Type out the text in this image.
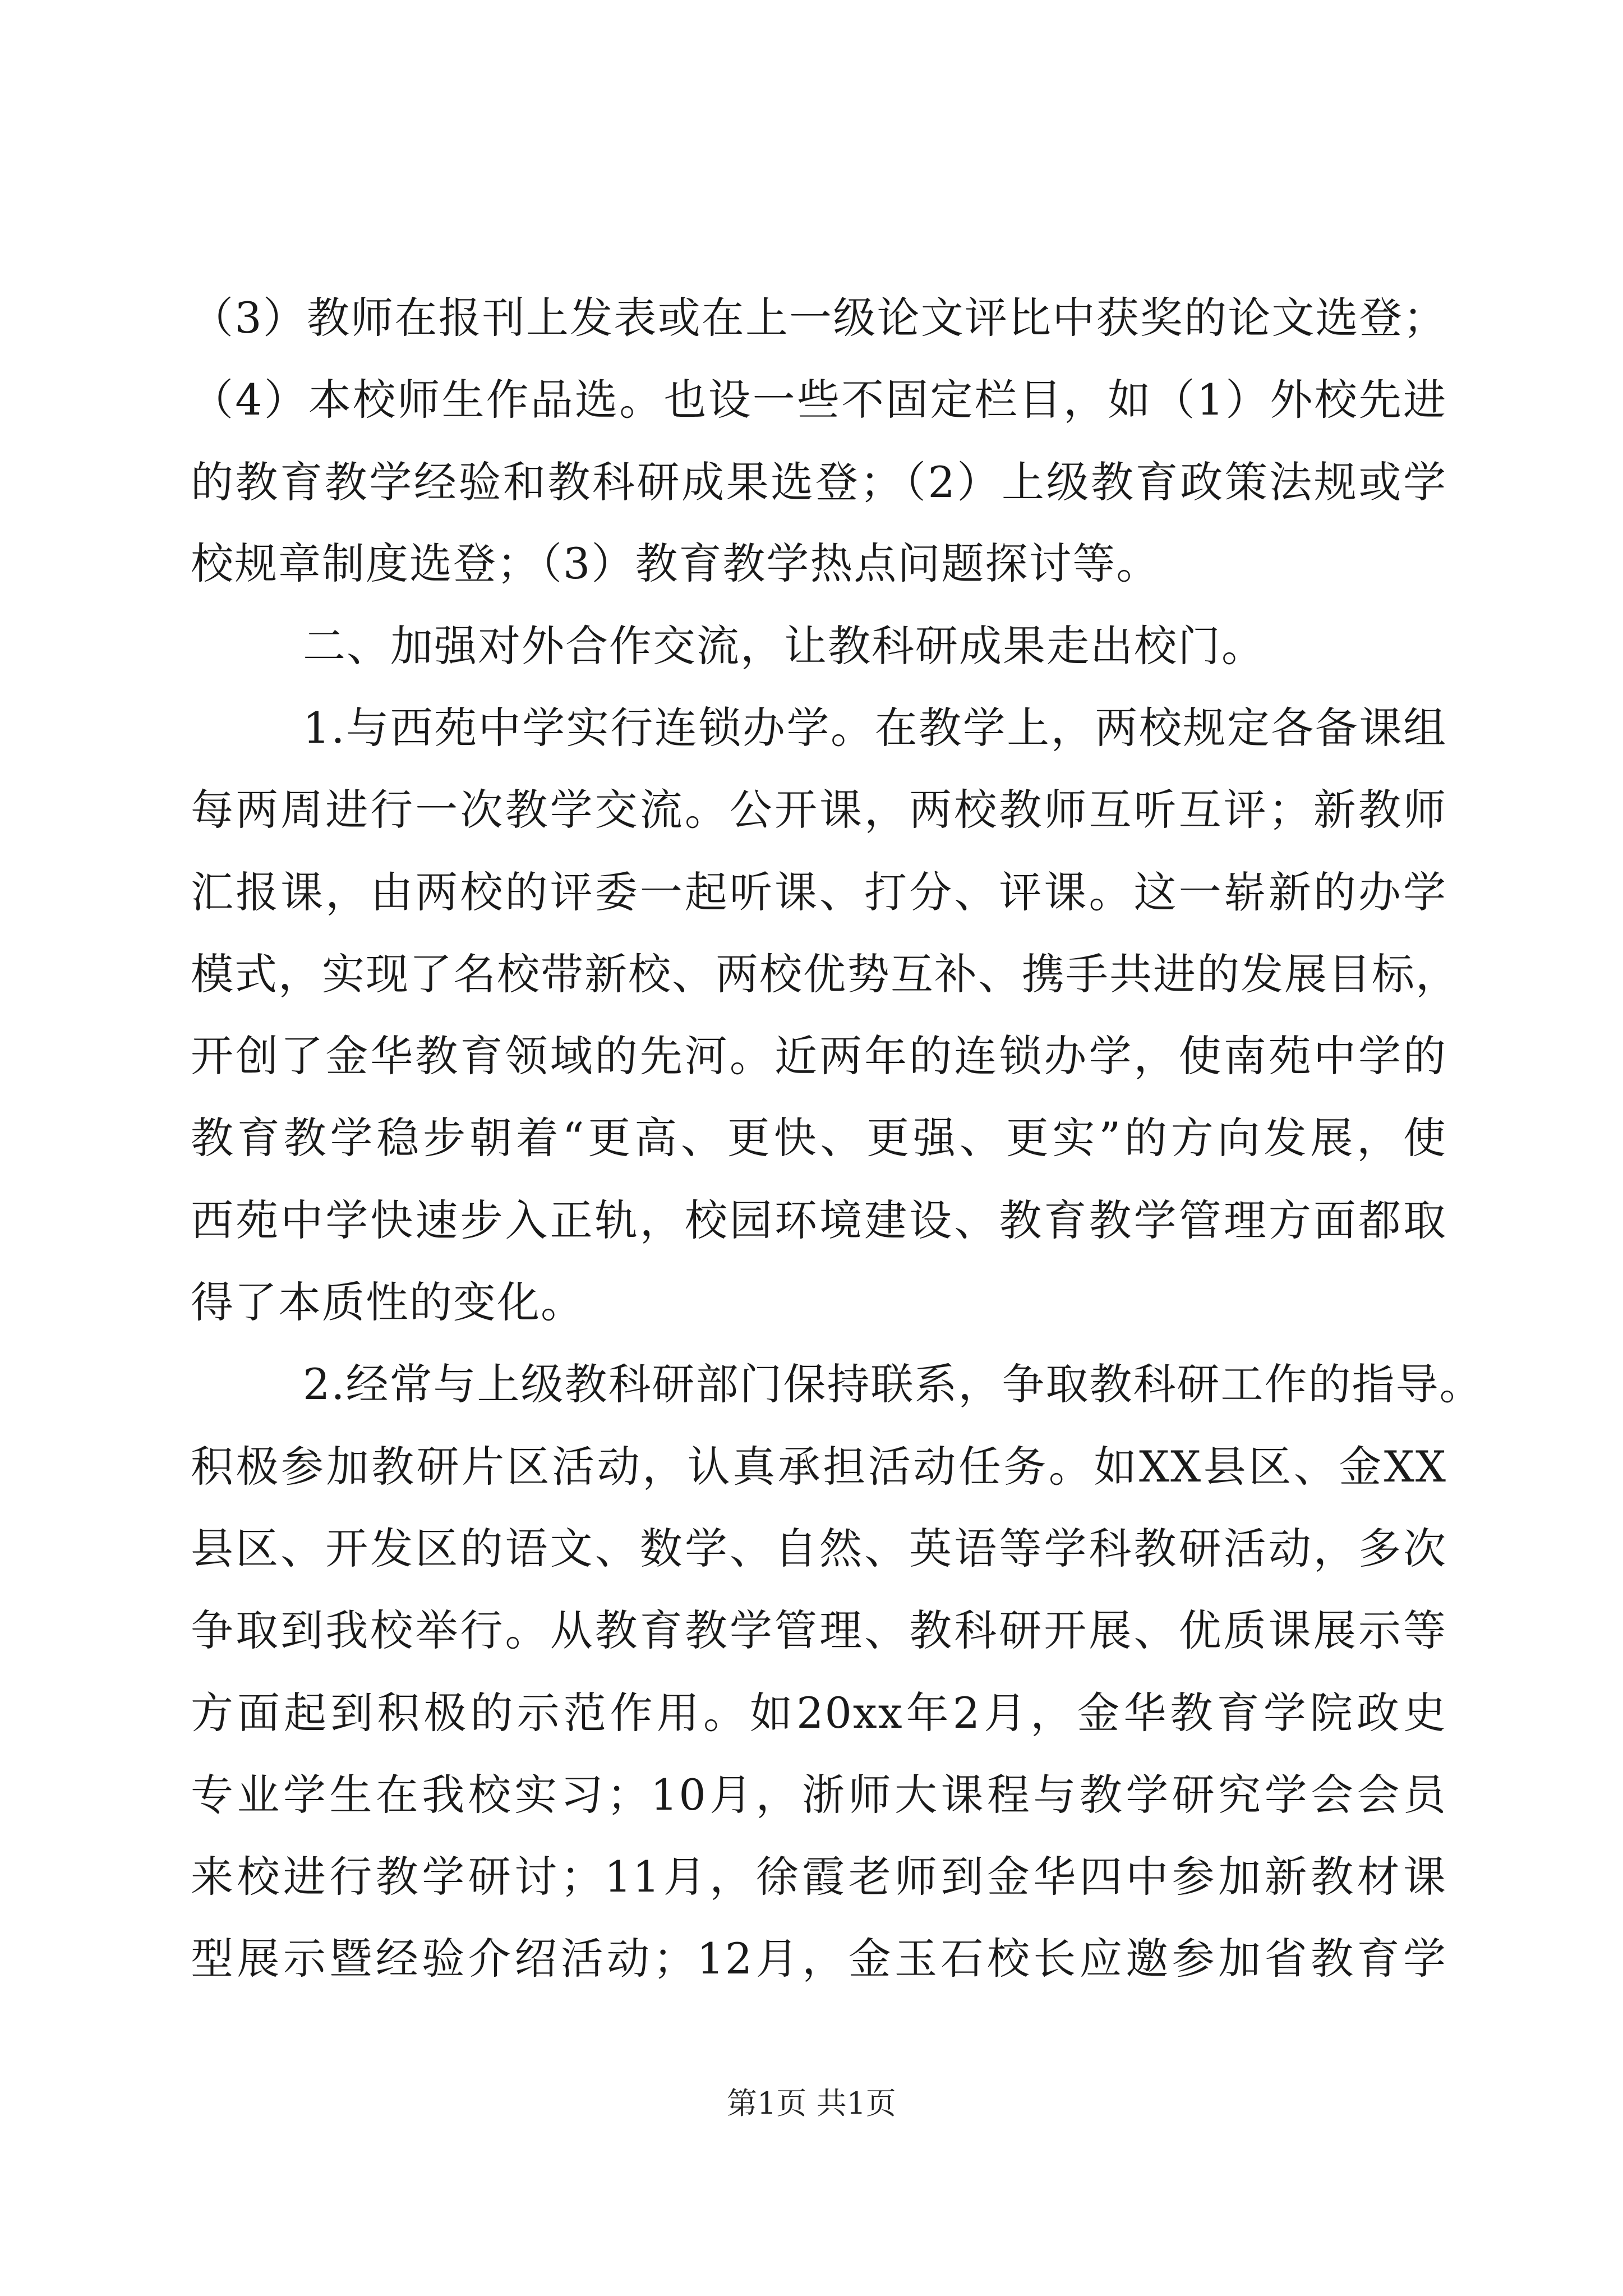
（3）教师在报刊上发表或在上一级论文评比中获奖的论文选登；
（4）本校师生作品选。也设一些不固定栏目，如（1）外校先进
的教育教学经验和教科研成果选登；（2）上级教育政策法规或学
校规章制度选登；（3）教育教学热点问题探讨等。
二、加强对外合作交流，让教科研成果走出校门。
1.与西苑中学实行连锁办学。在教学上，两校规定各备课组
每两周进行一次教学交流。公开课，两校教师互听互评；新教师
汇报课，由两校的评委一起听课、打分、评课。这一崭新的办学
模式，实现了名校带新校、两校优势互补、携手共进的发展目标，
开创了金华教育领域的先河。近两年的连锁办学，使南苑中学的
教育教学稳步朝着“更高、更快、更强、更实”的方向发展，使
西苑中学快速步入正轨，校园环境建设、教育教学管理方面都取
得了本质性的变化。
2.经常与上级教科研部门保持联系，争取教科研工作的指导。
积极参加教研片区活动，认真承担活动任务。如XX县区、金XX
县区、开发区的语文、数学、自然、英语等学科教研活动，多次
争取到我校举行。从教育教学管理、教科研开展、优质课展示等
方面起到积极的示范作用。如20xx年2月，金华教育学院政史
专业学生在我校实习；10月，浙师大课程与教学研究学会会员
来校进行教学研讨；11月，徐霞老师到金华四中参加新教材课
型展示暨经验介绍活动；12月，金玉石校长应邀参加省教育学
第1页 共1页
